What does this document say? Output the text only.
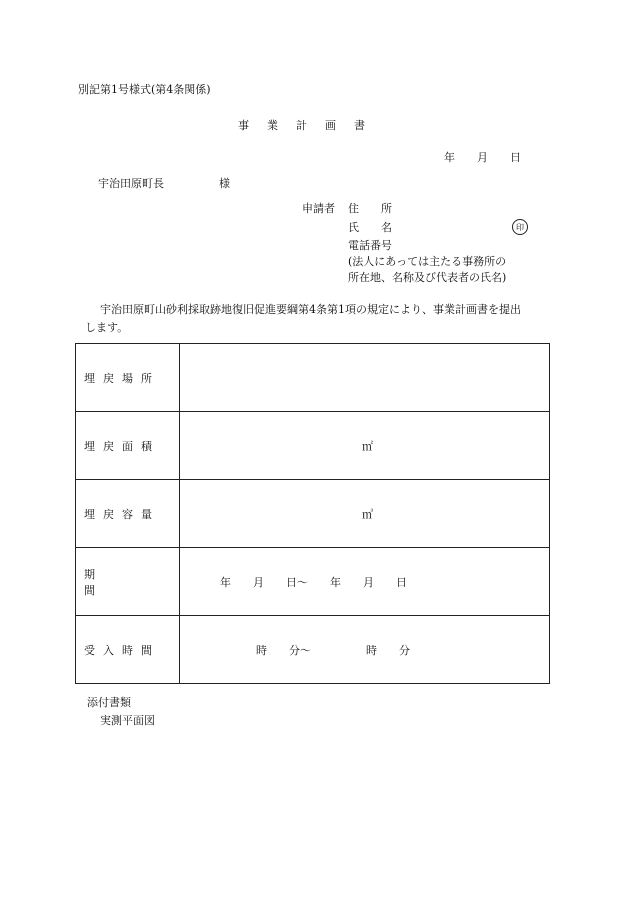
別記第1号様式(第4条関係)
事業計画書
年　　月　　日
宇治田原町長　　　　　様
申請者 住　　所
氏　　名	印
電話番号
(法人にあっては主たる事務所の
所在地、名称及び代表者の氏名)
宇治田原町山砂利採取跡地復旧促進要綱第4条第1項の規定により、事業計画書を提出
します。
埋戻場所	

埋戻面積	㎡

埋戻容量	㎥

期間	年　　月　　日〜　　年　　月　　日

受入時間	時　　分〜　　　　　時　　分
添付書類
実測平面図
